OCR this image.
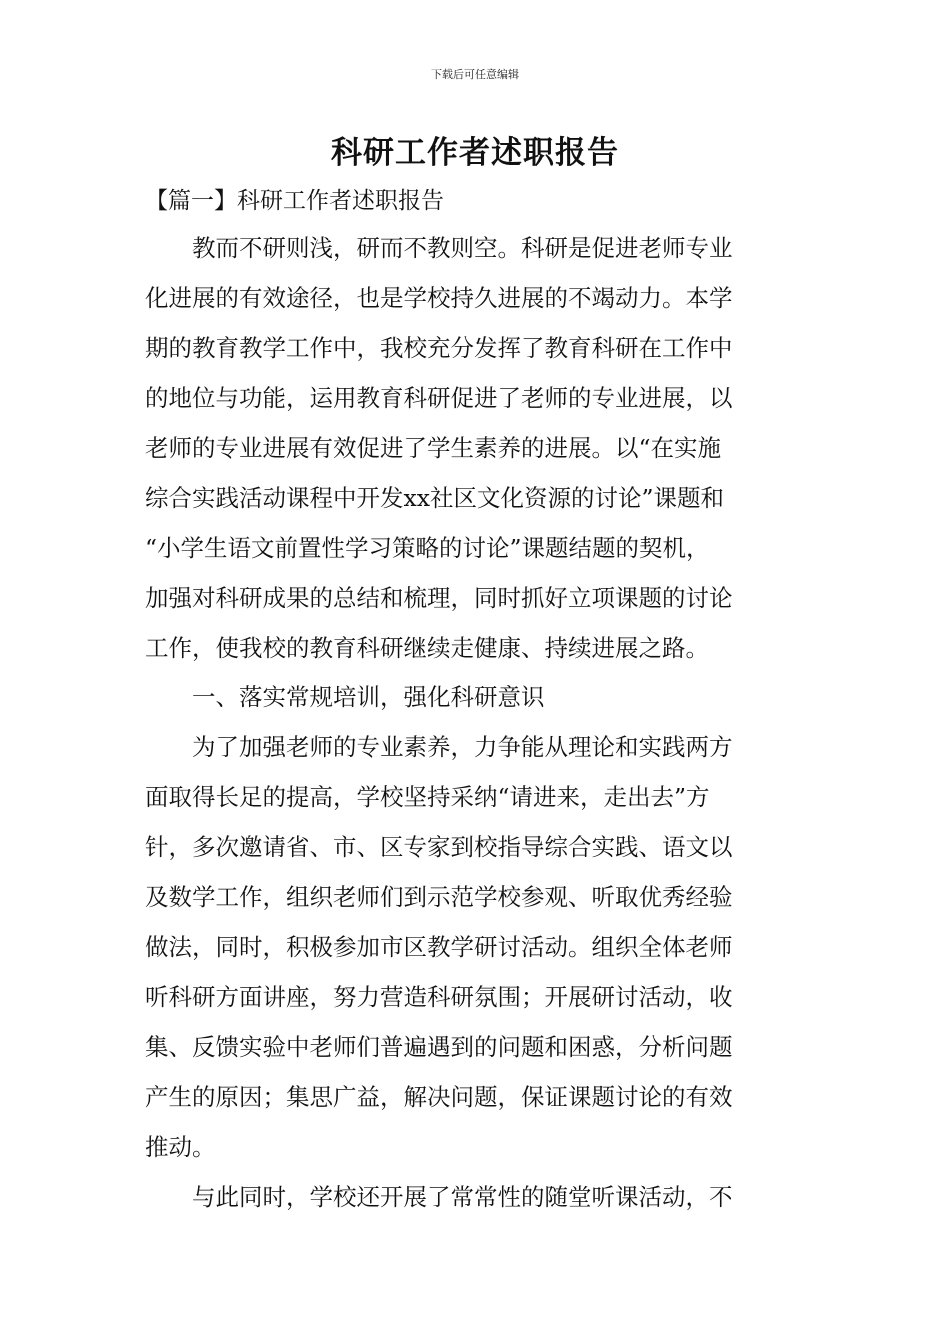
下载后可任意编辑
科研工作者述职报告
【篇一】科研工作者述职报告
　　教而不研则浅，研而不教则空。科研是促进老师专业
化进展的有效途径，也是学校持久进展的不竭动力。本学
期的教育教学工作中，我校充分发挥了教育科研在工作中
的地位与功能，运用教育科研促进了老师的专业进展，以
老师的专业进展有效促进了学生素养的进展。以“在实施
综合实践活动课程中开发xx社区文化资源的讨论”课题和
“小学生语文前置性学习策略的讨论”课题结题的契机，
加强对科研成果的总结和梳理，同时抓好立项课题的讨论
工作，使我校的教育科研继续走健康、持续进展之路。
　　一、落实常规培训，强化科研意识
　　为了加强老师的专业素养，力争能从理论和实践两方
面取得长足的提高，学校坚持采纳“请进来，走出去”方
针，多次邀请省、市、区专家到校指导综合实践、语文以
及数学工作，组织老师们到示范学校参观、听取优秀经验
做法，同时，积极参加市区教学研讨活动。组织全体老师
听科研方面讲座，努力营造科研氛围；开展研讨活动，收
集、反馈实验中老师们普遍遇到的问题和困惑，分析问题
产生的原因；集思广益，解决问题，保证课题讨论的有效
推动。
　　与此同时，学校还开展了常常性的随堂听课活动，不
